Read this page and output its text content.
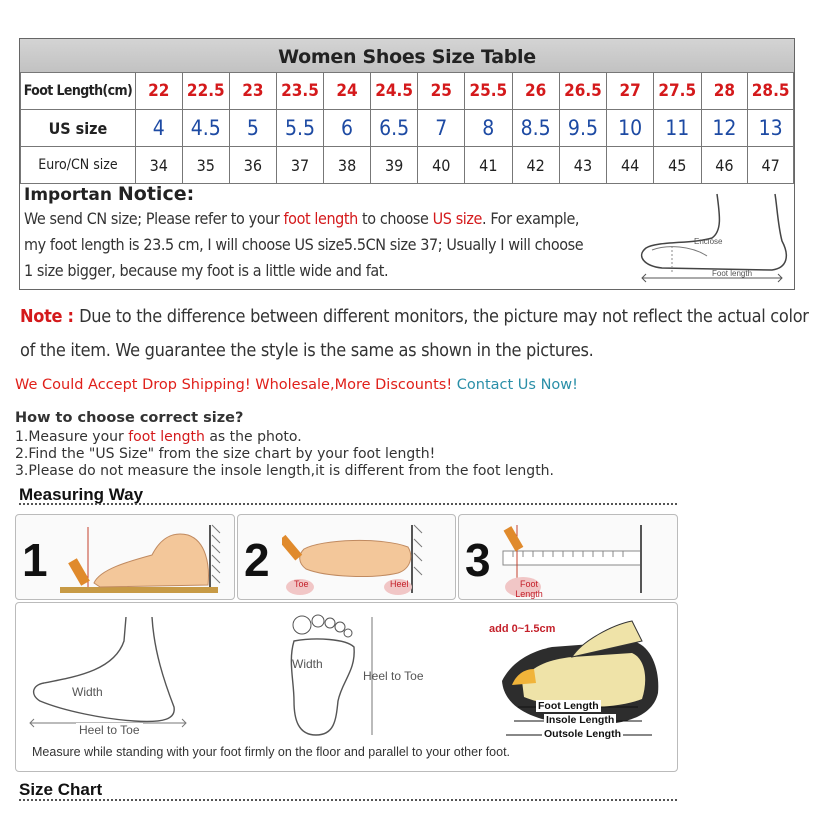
Women Shoes Size Table
Foot Length(cm)	22	22.5	23	23.5	24	24.5	25	25.5	26	26.5	27	27.5	28	28.5
US size	4	4.5	5	5.5	6	6.5	7	8	8.5	9.5	10	11	12	13
Euro/CN size	34	35	36	37	38	39	40	41	42	43	44	45	46	47
Importan Notice:
We send CN size; Please refer to your foot length to choose US size. For example,
my foot length is 23.5 cm, I will choose US size5.5CN size 37; Usually I will choose
1 size bigger, because my foot is a little wide and fat.
Enclose
Foot length
Note : Due to the difference between different monitors, the picture may not reflect the actual color of the item. We guarantee the style is the same as shown in the pictures.
We Could Accept Drop Shipping! Wholesale,More Discounts! Contact Us Now!
How to choose correct size?
1.Measure your foot length as the photo.
2.Find the "US Size" from the size chart by your foot length!
3.Please do not measure the insole length,it is different from the foot length.
Measuring Way
1	2	Toe	Heel 3	Foot Length
Width
Heel to Toe
Width
Heel to Toe
add 0~1.5cm
Foot Length
Insole Length
Outsole Length
Measure while standing with your foot firmly on the floor and parallel to your other foot.
Size Chart
